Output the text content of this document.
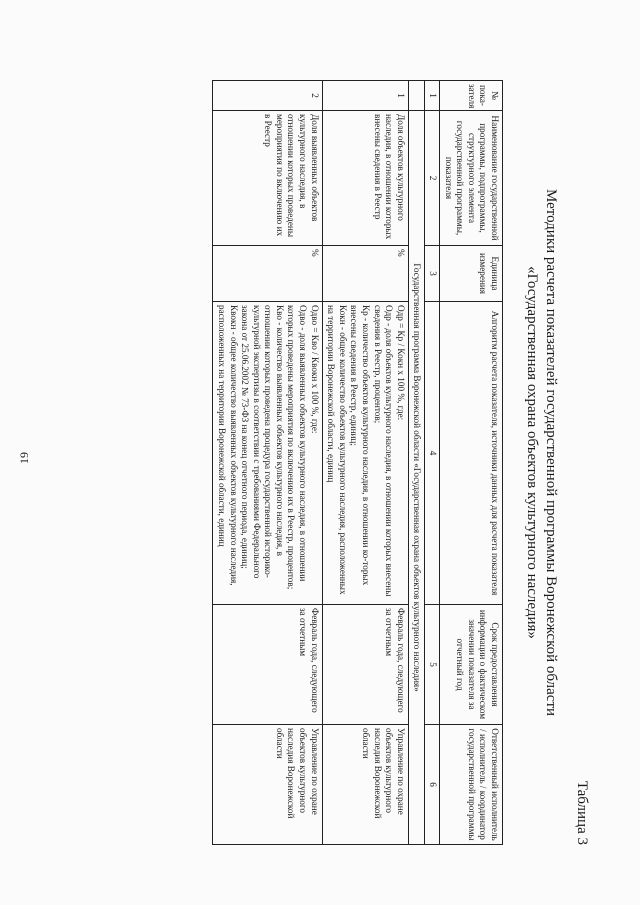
Таблица 3
19	Методики расчета показателей государственной программы Воронежской области
«Государственная охрана объектов культурного наследия»
№ пока-зателя	Наименование государственной программы, подпрограммы, структурного элемента государственной программы, показателя	Единица измерения	Алгоритм расчета показателя, источники данных для расчета показателя	Срок предоставления информации о фактическом значении показателя за отчетный год	Ответственный исполнитель / исполнитель / координатор государственной программы
1	2	3	4	5	6
	Государственная программа Воронежской области «Государственная охрана объектов культурного наследия»				
1	Доля объектов культурного наследия, в отношении которых внесены сведения в Реестр	%	Одр = Кр / Кокн х 100 %, где:
Одр - доля объектов культурного наследия, в отношении которых внесены сведения в Реестр, процентов;
Кр - количество объектов культурного наследия, в отношении ко-торых внесены сведения в Реестр, единиц;
Кокн - общее количество объектов культурного наследия, расположенных на территории Воронежской области, единиц	Февраль года, следующего за отчетным	Управление по охране объектов культурного наследия Воронежской области
2	Доля выявленных объектов культурного наследия, в отношении которых проведены мероприятия по включению их в Реестр	%	Одво = Кво / Квокн х 100 %, где:
Одво - доля выявленных объектов культурного наследия, в отношении которых проведены мероприятия по включению их в Реестр, процентов;
Кво - количество выявленных объектов культурного наследия, в отношении которых проведена процедура государственной историко-культурной экспертизы в соответствии с требованиями Федерального закона от 25.06.2002 № 73-ФЗ на конец отчетного периода, единиц;
Квокн - общее количество выявленных объектов культурного наследия, расположенных на территории Воронежской области, единиц	Февраль года, следующего за отчетным	Управление по охране объектов культурного наследия Воронежской области
